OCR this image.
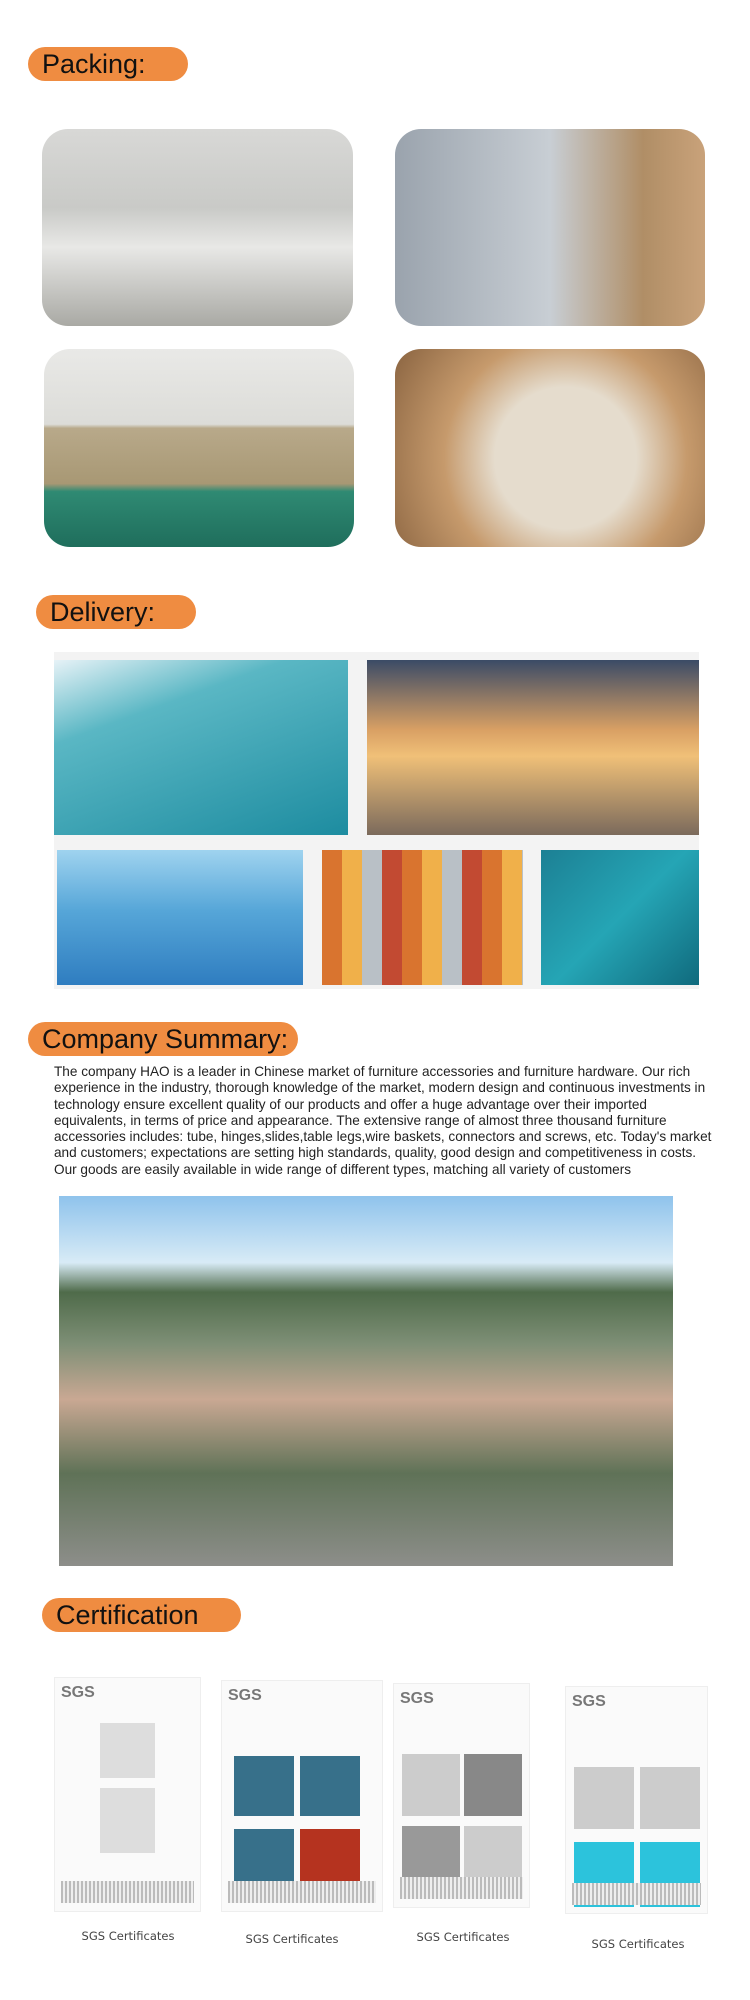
Packing:
Delivery:
Company Summary:

The company HAO is a leader in Chinese market of furniture accessories and furniture hardware. Our rich experience in the industry, thorough knowledge of the market, modern design and continuous investments in technology ensure excellent quality of our products and offer a huge advantage over their imported equivalents, in terms of price and appearance. The extensive range of almost three thousand furniture accessories includes: tube, hinges,slides,table legs,wire baskets, connectors and screws, etc. Today's market and customers; expectations are setting high standards, quality, good design and competitiveness in costs. Our goods are easily available in wide range of different types, matching all variety of customers

Certification
SGS	SGS	SGS	SGS
SGS Certificates	SGS Certificates	SGS Certificates	SGS Certificates
